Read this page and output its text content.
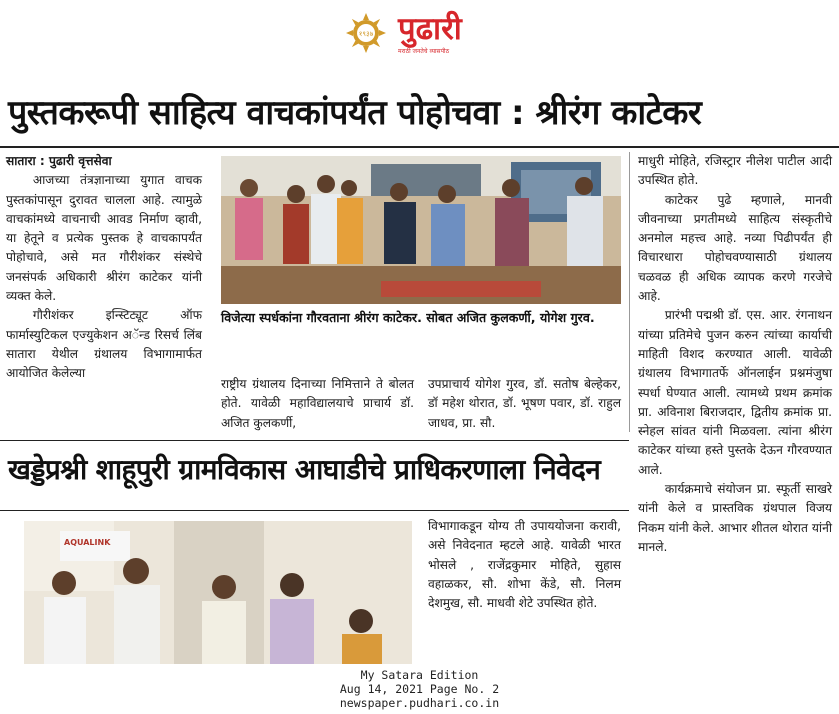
१९३७ पुढारी
मराठी जनतेचे व्यासपीठ
पुस्तकरूपी साहित्य वाचकांपर्यंत पोहोचवा : श्रीरंग काटेकर
सातारा : पुढारी वृत्तसेवा

आजच्या तंत्रज्ञानाच्या युगात वाचक पुस्तकांपासून दुरावत चालला आहे. त्यामुळे वाचकांमध्ये वाचनाची आवड निर्माण व्हावी, या हेतूने व प्रत्येक पुस्तक हे वाचकापर्यंत पोहोचावे, असे मत गौरीशंकर संस्थेचे जनसंपर्क अधिकारी श्रीरंग काटेकर यांनी व्यक्त केले.

गौरीशंकर इन्स्टिट्यूट ऑफ फार्मास्युटिकल एज्युकेशन अॅन्ड रिसर्च लिंब सातारा येथील ग्रंथालय विभागामार्फत आयोजित केलेल्या

विजेत्या स्पर्धकांना गौरवताना श्रीरंग काटेकर. सोबत अजित कुलकर्णी, योगेश गुरव.
राष्ट्रीय ग्रंथालय दिनाच्या निमित्ताने ते बोलत होते. यावेळी महाविद्यालयाचे प्राचार्य डॉ. अजित कुलकर्णी,
उपप्राचार्य योगेश गुरव, डॉ. सतोष बेल्हेकर, डॉ महेश थोरात, डॉ. भूषण पवार, डॉ. राहुल जाधव, प्रा. सौ.
माधुरी मोहिते, रजिस्ट्रार नीलेश पाटील आदी उपस्थित होते.

काटेकर पुढे म्हणाले, मानवी जीवनाच्या प्रगतीमध्ये साहित्य संस्कृतीचे अनमोल महत्त्व आहे. नव्या पिढीपर्यंत ही विचारधारा पोहोचवण्यासाठी ग्रंथालय चळवळ ही अधिक व्यापक करणे गरजेचे आहे.

प्रारंभी पद्मश्री डॉ. एस. आर. रंगनाथन यांच्या प्रतिमेचे पुजन करुन त्यांच्या कार्याची माहिती विशद करण्यात आली. यावेळी ग्रंथालय विभागातर्फे ऑनलाईन प्रश्नमंजुषा स्पर्धा घेण्यात आली. त्यामध्ये प्रथम क्रमांक प्रा. अविनाश बिराजदार, द्वितीय क्रमांक प्रा. स्नेहल सांवत यांनी मिळवला. त्यांना श्रीरंग काटेकर यांच्या हस्ते पुस्तके देऊन गौरवण्यात आले.

कार्यक्रमाचे संयोजन प्रा. स्फूर्ती साखरे यांनी केले व प्रास्तविक ग्रंथपाल विजय निकम यांनी केले. आभार शीतल थोरात यांनी मानले.

खड्डेप्रश्नी शाहूपुरी ग्रामविकास आघाडीचे प्राधिकरणाला निवेदन
AQUALINK
विभागाकडून योग्य ती उपाययोजना करावी, असे निवेदनात म्हटले आहे. यावेळी भारत भोसले , राजेंद्रकुमार मोहिते, सुहास वहाळकर, सौ. शोभा केंडे, सौ. निलम देशमुख, सौ. माधवी शेटे उपस्थित होते.
My Satara Edition
Aug 14, 2021 Page No. 2
newspaper.pudhari.co.in
